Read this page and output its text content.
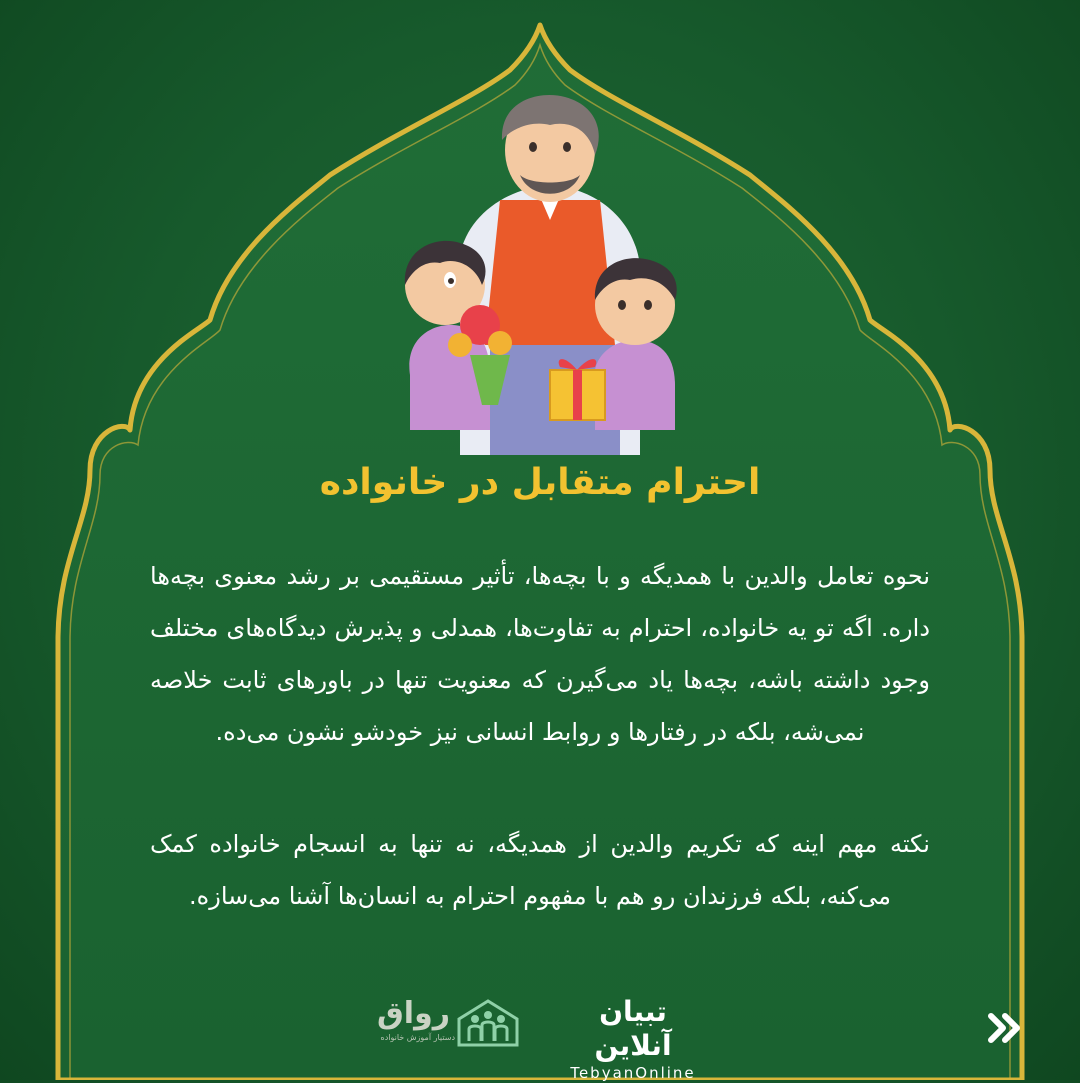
احترام متقابل در خانواده

نحوه تعامل والدین با همدیگه و با بچه‌ها، تأثیر مستقیمی بر رشد معنوی بچه‌ها داره. اگه تو یه خانواده، احترام به تفاوت‌ها، همدلی و پذیرش دیدگاه‌های مختلف وجود داشته باشه، بچه‌ها یاد می‌گیرن که معنویت تنها در باورهای ثابت خلاصه نمی‌شه، بلکه در رفتارها و روابط انسانی نیز خودشو نشون می‌ده.

نکته مهم اینه که تکریم والدین از همدیگه، نه تنها به انسجام خانواده کمک می‌کنه، بلکه فرزندان رو هم با مفهوم احترام به انسان‌ها آشنا می‌سازه.

رواق
دستیار آموزش خانواده
تبیان آنلاین
TebyanOnline
